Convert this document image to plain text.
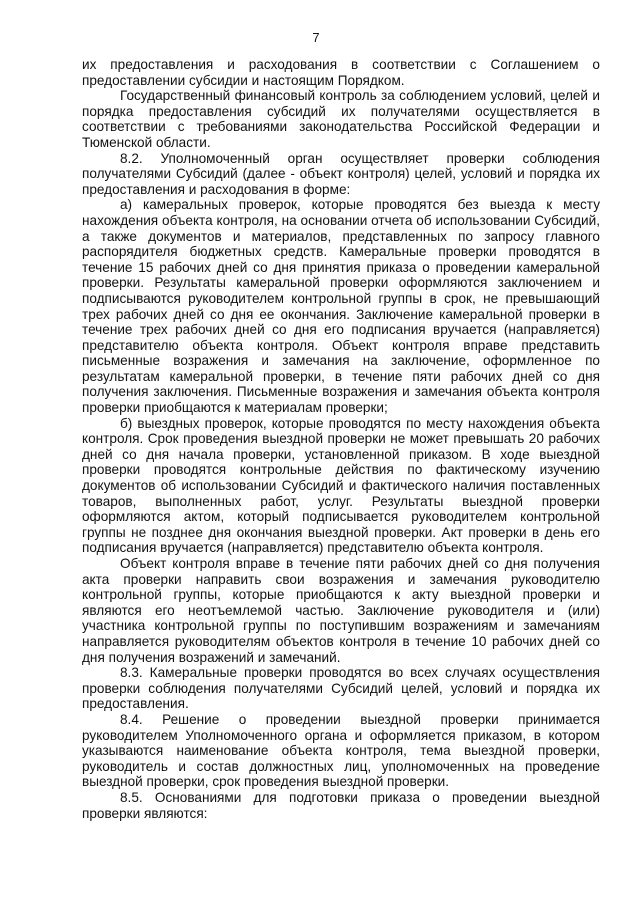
7

их предоставления и расходования в соответствии с Соглашением о предоставлении субсидии и настоящим Порядком.

Государственный финансовый контроль за соблюдением условий, целей и порядка предоставления субсидий их получателями осуществляется в соответствии с требованиями законодательства Российской Федерации и Тюменской области.

8.2. Уполномоченный орган осуществляет проверки соблюдения получателями Субсидий (далее - объект контроля) целей, условий и порядка их предоставления и расходования в форме:

а) камеральных проверок, которые проводятся без выезда к месту нахождения объекта контроля, на основании отчета об использовании Субсидий, а также документов и материалов, представленных по запросу главного распорядителя бюджетных средств. Камеральные проверки проводятся в течение 15 рабочих дней со дня принятия приказа о проведении камеральной проверки. Результаты камеральной проверки оформляются заключением и подписываются руководителем контрольной группы в срок, не превышающий трех рабочих дней со дня ее окончания. Заключение камеральной проверки в течение трех рабочих дней со дня его подписания вручается (направляется) представителю объекта контроля. Объект контроля вправе представить письменные возражения и замечания на заключение, оформленное по результатам камеральной проверки, в течение пяти рабочих дней со дня получения заключения. Письменные возражения и замечания объекта контроля проверки приобщаются к материалам проверки;

б) выездных проверок, которые проводятся по месту нахождения объекта контроля. Срок проведения выездной проверки не может превышать 20 рабочих дней со дня начала проверки, установленной приказом. В ходе выездной проверки проводятся контрольные действия по фактическому изучению документов об использовании Субсидий и фактического наличия поставленных товаров, выполненных работ, услуг. Результаты выездной проверки оформляются актом, который подписывается руководителем контрольной группы не позднее дня окончания выездной проверки. Акт проверки в день его подписания вручается (направляется) представителю объекта контроля.

Объект контроля вправе в течение пяти рабочих дней со дня получения акта проверки направить свои возражения и замечания руководителю контрольной группы, которые приобщаются к акту выездной проверки и являются его неотъемлемой частью. Заключение руководителя и (или) участника контрольной группы по поступившим возражениям и замечаниям направляется руководителям объектов контроля в течение 10 рабочих дней со дня получения возражений и замечаний.

8.3. Камеральные проверки проводятся во всех случаях осуществления проверки соблюдения получателями Субсидий целей, условий и порядка их предоставления.

8.4. Решение о проведении выездной проверки принимается руководителем Уполномоченного органа и оформляется приказом, в котором указываются наименование объекта контроля, тема выездной проверки, руководитель и состав должностных лиц, уполномоченных на проведение выездной проверки, срок проведения выездной проверки.

8.5. Основаниями для подготовки приказа о проведении выездной проверки являются:
